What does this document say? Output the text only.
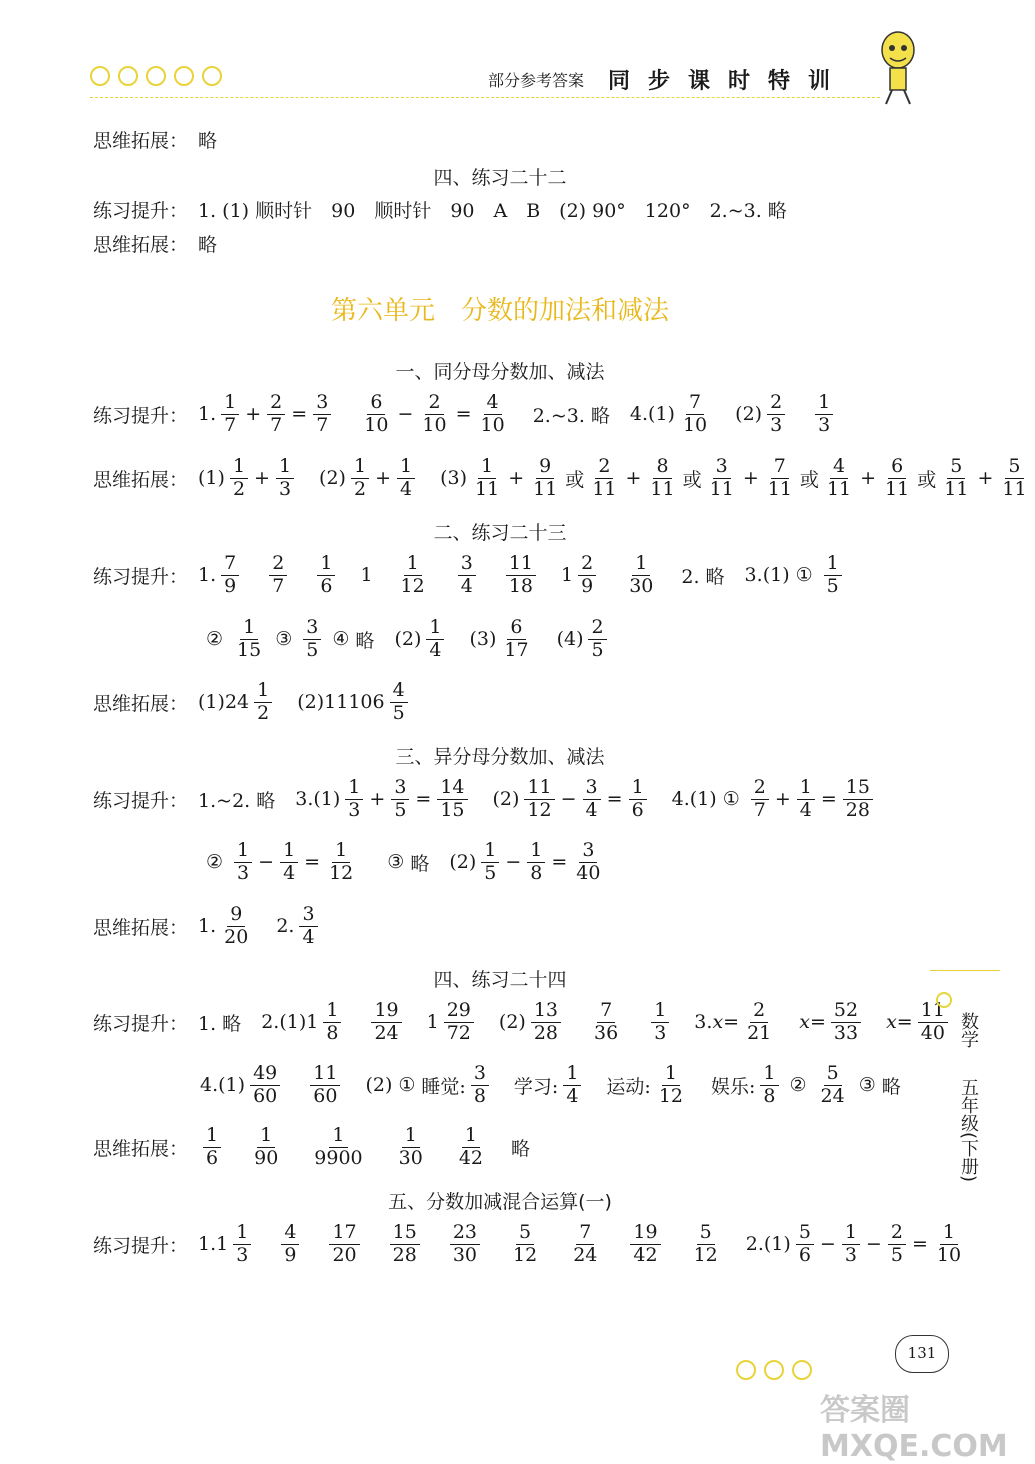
部分参考答案 同步课时特训
思维拓展： 略
四、练习二十二
练习提升： 1. (1) 顺时针　90　顺时针　90　A　B　(2) 90°　120°　2.~3. 略
思维拓展： 略
第六单元　分数的加法和减法
一、同分母分数加、减法
练习提升： 1. $\frac{1}{7} + \frac{2}{7} = \frac{3}{7} \frac{6}{10} - \frac{2}{10} = \frac{4}{10}$ 2.~3. 略 4. $(1) \frac{7}{10} (2) \frac{2}{3} \frac{1}{3}$
思维拓展： $(1) \frac{1}{2} + \frac{1}{3} (2) \frac{1}{2} + \frac{1}{4} (3) \frac{1}{11} + \frac{9}{11}$ 或 $\frac{2}{11} + \frac{8}{11}$ 或 $\frac{3}{11} + \frac{7}{11}$ 或 $\frac{4}{11} + \frac{6}{11}$ 或 $\frac{5}{11} + \frac{5}{11}$
二、练习二十三
练习提升： 1. $\frac{7}{9} \frac{2}{7} \frac{1}{6} 1 \frac{1}{12} \frac{3}{4} \frac{11}{18} 1 \frac{2}{9} \frac{1}{30} 2$. 略 3. (1) ① $\frac{1}{5}$
② $\frac{1}{15}$ ③ $\frac{3}{5}$ ④ 略 $(2) \frac{1}{4} (3) \frac{6}{17} (4) \frac{2}{5}$
思维拓展： (1) $24 \frac{1}{2} (2)$ $11106 \frac{4}{5}$
三、异分母分数加、减法
练习提升： 1.~2. 略 3. $(1) \frac{1}{3} + \frac{3}{5} = \frac{14}{15} (2) \frac{11}{12} - \frac{3}{4} = \frac{1}{6} 4$. (1) ① $\frac{2}{7} + \frac{1}{4} = \frac{15}{28}$
② $\frac{1}{3} - \frac{1}{4} = \frac{1}{12}$ ③ 略 $(2) \frac{1}{5} - \frac{1}{8} = \frac{3}{40}$
思维拓展： 1. $\frac{9}{20} 2$. $\frac{3}{4}$
四、练习二十四
练习提升： 1. 略 2. (1) $1 \frac{1}{8} \frac{19}{24} 1 \frac{29}{72} (2) \frac{13}{28} \frac{7}{36} \frac{1}{3} 3$. $x= \frac{2}{21} x= \frac{52}{33} x= \frac{11}{40}$
4. $(1) \frac{49}{60} \frac{11}{60} (2)$ ① 睡觉: $\frac{3}{8}$ 学习: $\frac{1}{4}$ 运动: $\frac{1}{12}$ 娱乐: $\frac{1}{8}$ ② $\frac{5}{24}$ ③ 略
思维拓展： $\frac{1}{6} \frac{1}{90} \frac{1}{9900} \frac{1}{30} \frac{1}{42}$ 略
五、分数加减混合运算(一)
练习提升： 1. $1 \frac{1}{3} \frac{4}{9} \frac{17}{20} \frac{15}{28} \frac{23}{30} \frac{5}{12} \frac{7}{24} \frac{19}{42} \frac{5}{12} 2$. $(1) \frac{5}{6} - \frac{1}{3} - \frac{2}{5} = \frac{1}{10}$
数学
五年级
(下册)
131
答案圈 MXQE.COM
